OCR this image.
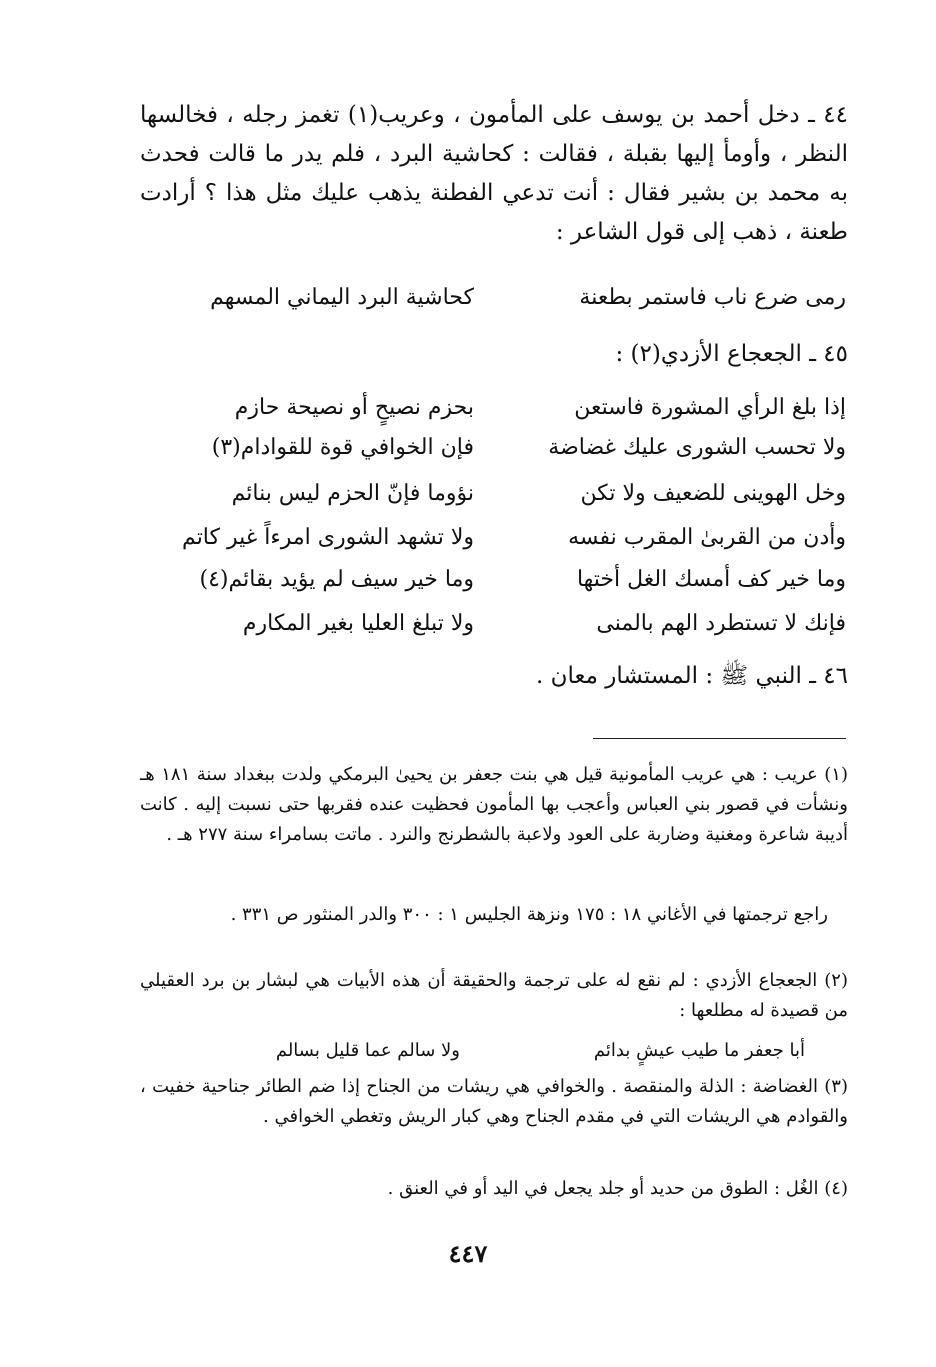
٤٤ ـ دخل أحمد بن يوسف على المأمون ، وعريب(١) تغمز رجله ، فخالسها النظر ، وأومأ إليها بقبلة ، فقالت : كحاشية البرد ، فلم يدر ما قالت فحدث به محمد بن بشير فقال : أنت تدعي الفطنة يذهب عليك مثل هذا ؟ أرادت طعنة ، ذهب إلى قول الشاعر :
رمى ضرع ناب فاستمر بطعنة
كحاشية البرد اليماني المسهم
٤٥ ـ الجعجاع الأزدي(٢) :
إذا بلغ الرأي المشورة فاستعن
بحزم نصيحٍ أو نصيحة حازم
ولا تحسب الشورى عليك غضاضة
فإن الخوافي قوة للقوادام(٣)
وخل الهوينى للضعيف ولا تكن
نؤوما فإنّ الحزم ليس بنائم
وأدن من القربىٰ المقرب نفسه
ولا تشهد الشورى امرءاً غير كاتم
وما خير كف أمسك الغل أختها
وما خير سيف لم يؤيد بقائم(٤)
فإنك لا تستطرد الهم بالمنى
ولا تبلغ العليا بغير المكارم
٤٦ ـ النبي ﷺ : المستشار معان .
(١) عريب : هي عريب المأمونية قيل هي بنت جعفر بن يحيىٰ البرمكي ولدت ببغداد سنة ١٨١ هـ ونشأت في قصور بني العباس وأعجب بها المأمون فحظيت عنده فقربها حتى نسبت إليه . كانت أديبة شاعرة ومغنية وضاربة على العود ولاعبة بالشطرنج والنرد . ماتت بسامراء سنة ٢٧٧ هـ .
راجع ترجمتها في الأغاني ١٨ : ١٧٥ ونزهة الجليس ١ : ٣٠٠ والدر المنثور ص ٣٣١ .
(٢) الجعجاع الأزدي : لم نقع له على ترجمة والحقيقة أن هذه الأبيات هي لبشار بن برد العقيلي من قصيدة له مطلعها :
أبا جعفر ما طيب عيشٍ بدائم
ولا سالم عما قليل بسالم
(٣) الغضاضة : الذلة والمنقصة . والخوافي هي ريشات من الجناح إذا ضم الطائر جناحية خفيت ، والقوادم هي الريشات التي في مقدم الجناح وهي كبار الريش وتغطي الخوافي .
(٤) الغُل : الطوق من حديد أو جلد يجعل في اليد أو في العنق .
٤٤٧
